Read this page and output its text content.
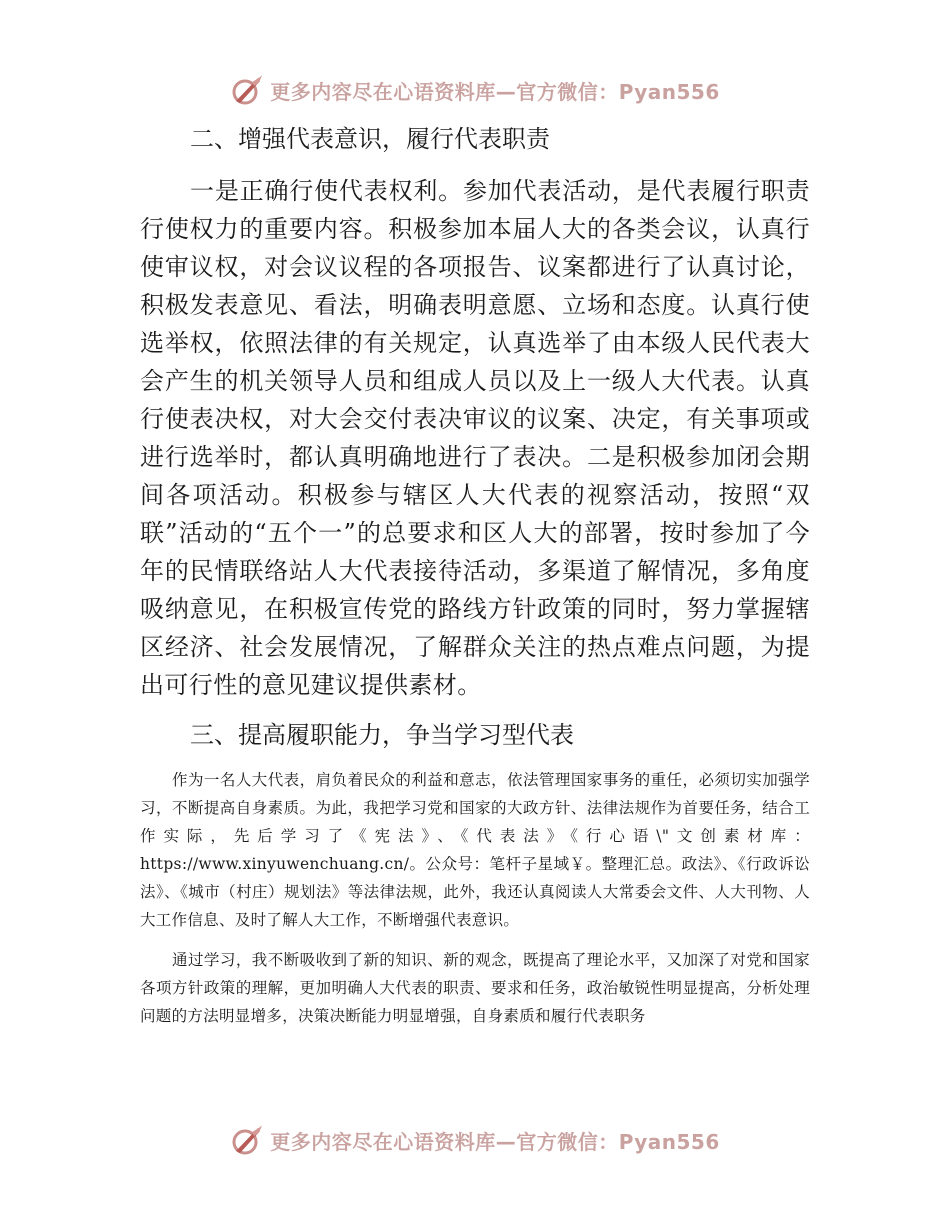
更多内容尽在心语资料库—官方微信：Pyan556
二、增强代表意识，履行代表职责

一是正确行使代表权利。参加代表活动，是代表履行职责行使权力的重要内容。积极参加本届人大的各类会议，认真行使审议权，对会议议程的各项报告、议案都进行了认真讨论，积极发表意见、看法，明确表明意愿、立场和态度。认真行使选举权，依照法律的有关规定，认真选举了由本级人民代表大会产生的机关领导人员和组成人员以及上一级人大代表。认真行使表决权，对大会交付表决审议的议案、决定，有关事项或进行选举时，都认真明确地进行了表决。二是积极参加闭会期间各项活动。积极参与辖区人大代表的视察活动，按照“双联”活动的“五个一”的总要求和区人大的部署，按时参加了今年的民情联络站人大代表接待活动，多渠道了解情况，多角度吸纳意见，在积极宣传党的路线方针政策的同时，努力掌握辖区经济、社会发展情况，了解群众关注的热点难点问题，为提出可行性的意见建议提供素材。

三、提高履职能力，争当学习型代表

作为一名人大代表，肩负着民众的利益和意志，依法管理国家事务的重任，必须切实加强学习，不断提高自身素质。为此，我把学习党和国家的大政方针、法律法规作为首要任务，结合工作实际，先后学习了《宪法》、《代表法》《行心语\"文创素材库：https://www.xinyuwenchuang.cn/。公众号：笔杆子星域￥。整理汇总。政法》、《行政诉讼法》、《城市（村庄）规划法》等法律法规，此外，我还认真阅读人大常委会文件、人大刊物、人大工作信息、及时了解人大工作，不断增强代表意识。

通过学习，我不断吸收到了新的知识、新的观念，既提高了理论水平，又加深了对党和国家各项方针政策的理解，更加明确人大代表的职责、要求和任务，政治敏锐性明显提高，分析处理问题的方法明显增多，决策决断能力明显增强，自身素质和履行代表职务

更多内容尽在心语资料库—官方微信：Pyan556
